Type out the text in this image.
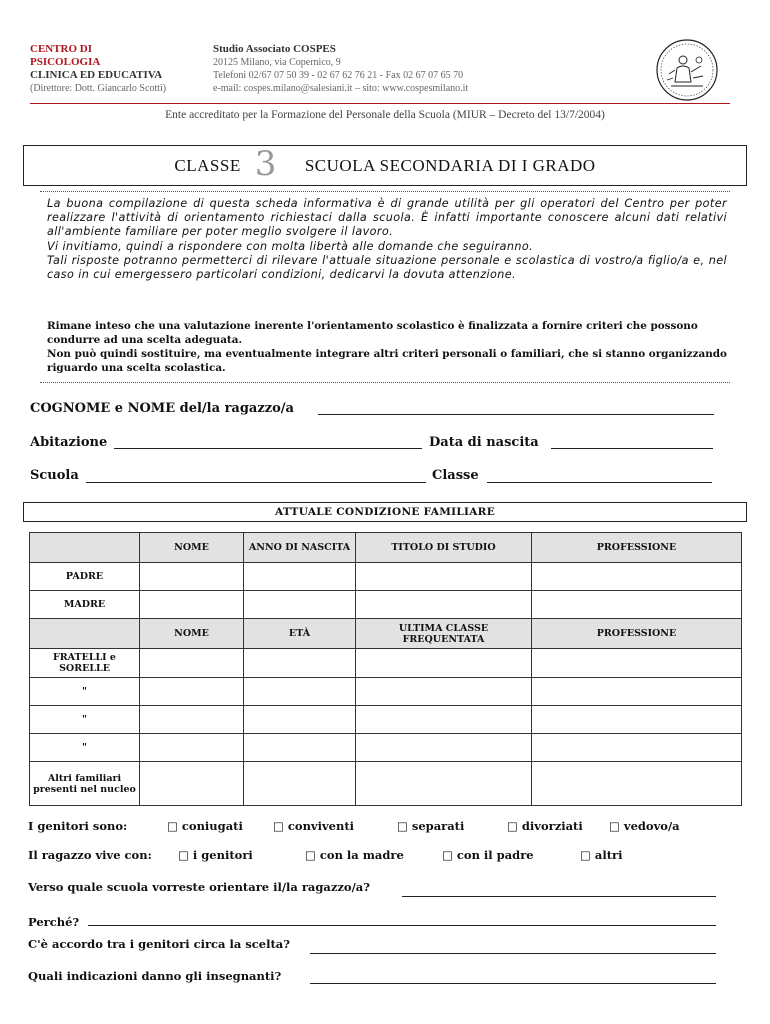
CENTRO DI
PSICOLOGIA
CLINICA ED EDUCATIVA
(Direttore: Dott. Giancarlo Scotti)
Studio Associato COSPES
20125 Milano, via Copernico, 9
Telefoni 02/67 07 50 39 - 02 67 62 76 21 - Fax 02 67 07 65 70
e-mail: cospes.milano@salesiani.it – sito: www.cospesmilano.it
Ente accreditato per la Formazione del Personale della Scuola (MIUR – Decreto del 13/7/2004)
CLASSE 3 SCUOLA SECONDARIA DI I GRADO

La buona compilazione di questa scheda informativa è di grande utilità per gli operatori del Centro per poter realizzare l'attività di orientamento richiestaci dalla scuola. È infatti importante conoscere alcuni dati relativi all'ambiente familiare per poter meglio svolgere il lavoro.

Vi invitiamo, quindi a rispondere con molta libertà alle domande che seguiranno.

Tali risposte potranno permetterci di rilevare l'attuale situazione personale e scolastica di vostro/a figlio/a e, nel caso in cui emergessero particolari condizioni, dedicarvi la dovuta attenzione.

Rimane inteso che una valutazione inerente l'orientamento scolastico è finalizzata a fornire criteri che possono condurre ad una scelta adeguata.

Non può quindi sostituire, ma eventualmente integrare altri criteri personali o familiari, che si stanno organizzando riguardo una scelta scolastica.

COGNOME e NOME del/la ragazzo/a
Abitazione	Data di nascita
Scuola	Classe
ATTUALE CONDIZIONE FAMILIARE
	NOME	ANNO DI NASCITA	TITOLO DI STUDIO	PROFESSIONE
PADRE				
MADRE				
	NOME	ETÀ	ULTIMA CLASSE FREQUENTATA	PROFESSIONE
FRATELLI e SORELLE				
"				
"				
"				
Altri familiari presenti nel nucleo				
I genitori sono:	□ coniugati	□ conviventi	□ separati	□ divorziati □ vedovo/a
Il ragazzo vive con: □ i genitori	□ con la madre	□ con il padre	□ altri
Verso quale scuola vorreste orientare il/la ragazzo/a?
Perché?
C'è accordo tra i genitori circa la scelta?
Quali indicazioni danno gli insegnanti?
